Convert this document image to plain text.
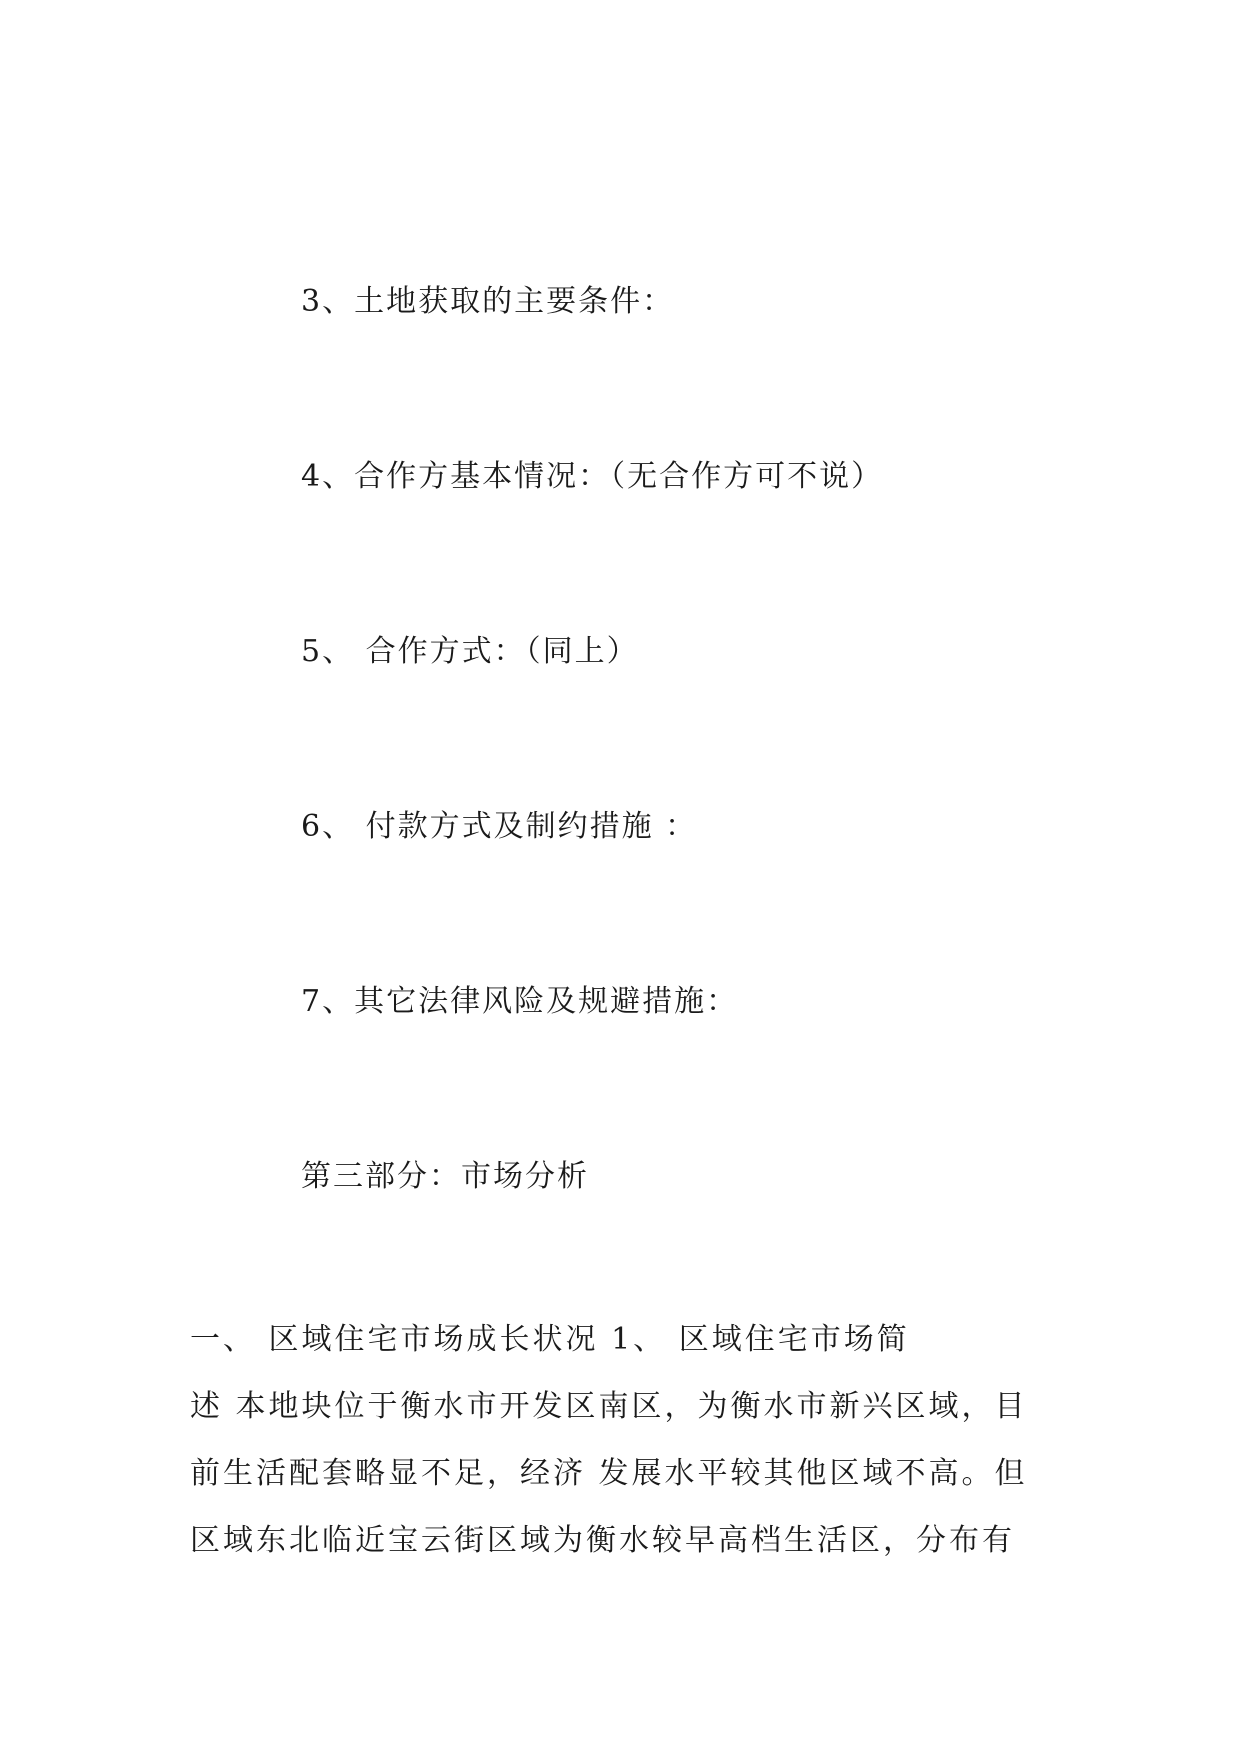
3、土地获取的主要条件：
4、合作方基本情况：（无合作方可不说）
5、 合作方式：（同上）
6、 付款方式及制约措施 ：
7、其它法律风险及规避措施：
第三部分：市场分析
一、 区域住宅市场成长状况 1、 区域住宅市场简
述 本地块位于衡水市开发区南区，为衡水市新兴区域，目
前生活配套略显不足，经济 发展水平较其他区域不高。但
区域东北临近宝云街区域为衡水较早高档生活区，分布有
